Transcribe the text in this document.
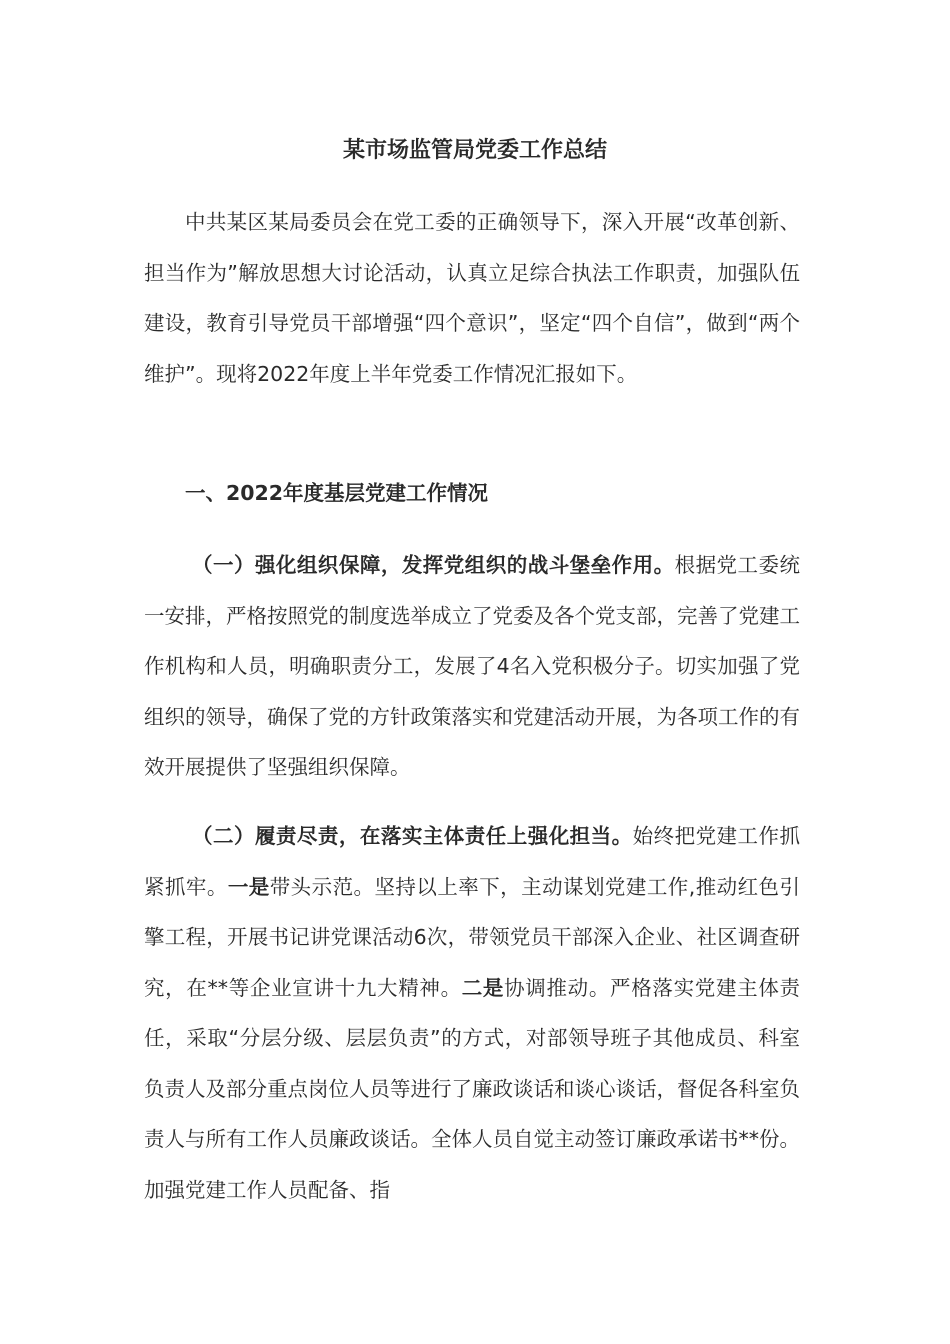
某市场监管局党委工作总结
中共某区某局委员会在党工委的正确领导下，深入开展“改革创新、担当作为”解放思想大讨论活动，认真立足综合执法工作职责，加强队伍建设，教育引导党员干部增强“四个意识”，坚定“四个自信”，做到“两个维护”。现将2022年度上半年党委工作情况汇报如下。
一、2022年度基层党建工作情况
（一）强化组织保障，发挥党组织的战斗堡垒作用。根据党工委统一安排，严格按照党的制度选举成立了党委及各个党支部，完善了党建工作机构和人员，明确职责分工，发展了4名入党积极分子。切实加强了党组织的领导，确保了党的方针政策落实和党建活动开展，为各项工作的有效开展提供了坚强组织保障。
（二）履责尽责，在落实主体责任上强化担当。始终把党建工作抓紧抓牢。一是带头示范。坚持以上率下，主动谋划党建工作,推动红色引擎工程，开展书记讲党课活动6次，带领党员干部深入企业、社区调查研究，在**等企业宣讲十九大精神。二是协调推动。严格落实党建主体责任，采取“分层分级、层层负责”的方式，对部领导班子其他成员、科室负责人及部分重点岗位人员等进行了廉政谈话和谈心谈话，督促各科室负责人与所有工作人员廉政谈话。全体人员自觉主动签订廉政承诺书**份。加强党建工作人员配备、指
